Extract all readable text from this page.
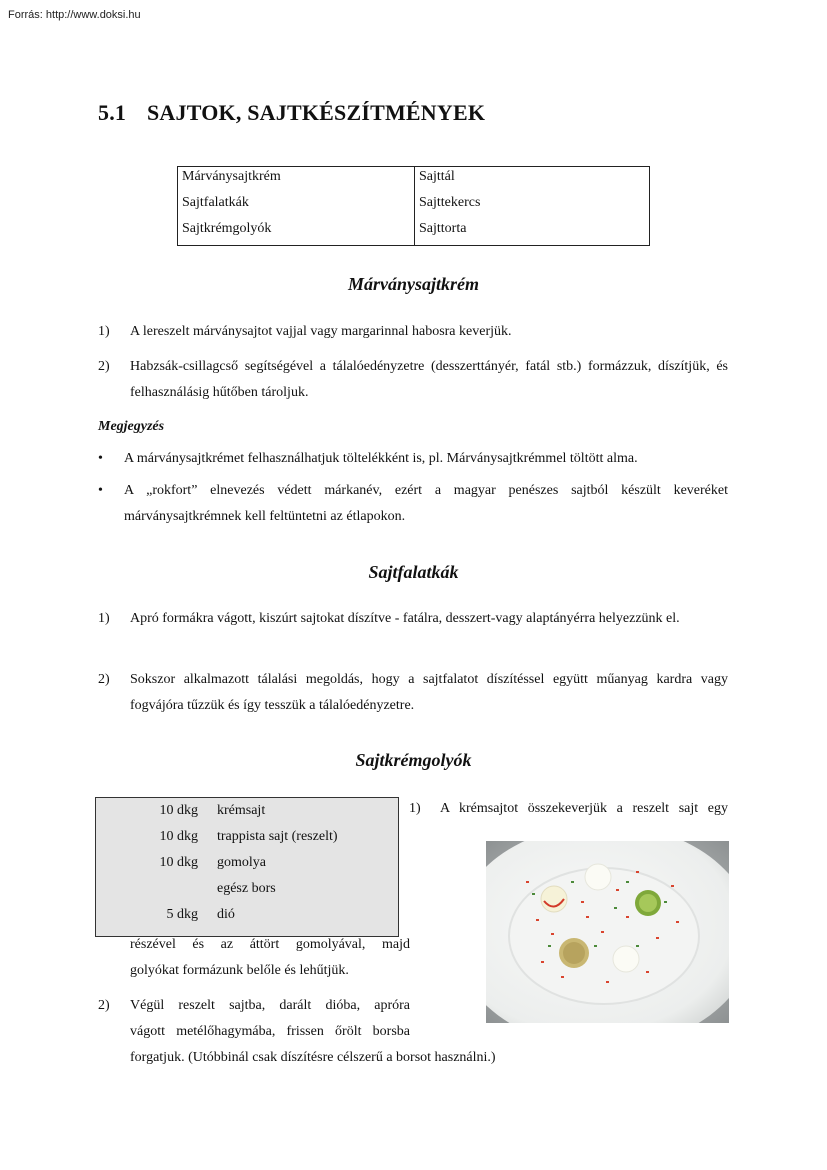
Forrás: http://www.doksi.hu
5.1 SAJTOK, SAJTKÉSZÍTMÉNYEK
Márványsajtkrém	Sajttál
Sajtfalatkák	Sajttekercs
Sajtkrémgolyók	Sajttorta
Márványsajtkrém
1)	A lereszelt márványsajtot vajjal vagy margarinnal habosra keverjük.
2)	Habzsák-csillagcső segítségével a tálalóedényzetre (desszerttányér, fatál stb.) formázzuk, díszítjük, és felhasználásig hűtőben tároljuk.
Megjegyzés
• A márványsajtkrémet felhasználhatjuk töltelékként is, pl. Márványsajtkrémmel töltött alma.
• A „rokfort” elnevezés védett márkanév, ezért a magyar penészes sajtból készült keveréket márványsajtkrémnek kell feltüntetni az étlapokon.
Sajtfalatkák
1)	Apró formákra vágott, kiszúrt sajtokat díszítve - fatálra, desszert-vagy alaptányérra helyezzünk el.
2)	Sokszor alkalmazott tálalási megoldás, hogy a sajtfalatot díszítéssel együtt műanyag kardra vagy fogvájóra tűzzük és így tesszük a tálalóedényzetre.
Sajtkrémgolyók
10 dkg krémsajt
10 dkg trappista sajt (reszelt)
10 dkg gomolya
egész bors
5 dkg dió
1) A krémsajtot összekeverjük a reszelt sajt egy
részével és az áttört gomolyával, majd
golyókat formázunk belőle és lehűtjük.
2) Végül reszelt sajtba, darált dióba, apróra
vágott metélőhagymába, frissen őrölt borsba
forgatjuk. (Utóbbinál csak díszítésre célszerű a borsot használni.)
